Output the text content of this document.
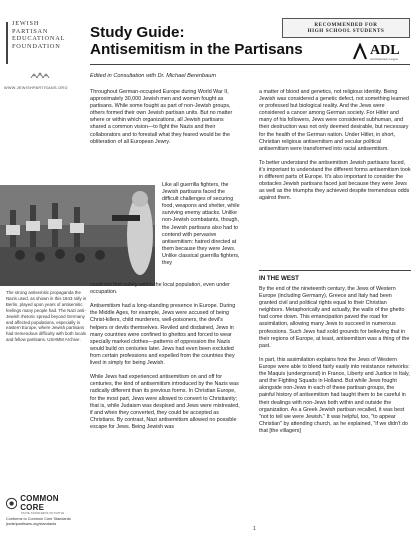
JEWISH
PARTISAN
EDUCATIONAL
FOUNDATION
WWW.JEWISHPARTISANS.ORG
The strong antisemitic propaganda the Nazis used, as shown in this 1943 rally in Berlin, played upon years of antisemitic feelings many people had. The Nazi anti-Jewish rhetoric spread beyond Germany and affected populations, especially in eastern Europe, where Jewish partisans had tremendous difficulty with both locals and fellow partisans. USHMM Archive.
COMMON CORE
STATE STANDARDS INITIATIVE
Conforms to Common Core Standards jewishpartisans.org/standards
Study Guide:
Antisemitism in the Partisans
RECOMMENDED FOR
HIGH SCHOOL STUDENTS
ADL
Anti-Defamation League
Edited in Consultation with Dr. Michael Berenbaum

Throughout German-occupied Europe during World War II, approximately 30,000 Jewish men and women fought as partisans. While some fought as part of non-Jewish groups, others formed their own Jewish partisan units. But no matter where or within which organizations, all Jewish partisans shared a common vision—to fight the Nazis and their collaborators and to forestall what they feared would be the obliteration of all European Jewry.

Like all guerrilla fighters, the Jewish partisans faced the difficult challenges of securing food, weapons and shelter, while surviving enemy attacks. Unlike non-Jewish combatants, though, the Jewish partisans also had to contend with pervasive antisemitism: hatred directed at them because they were Jews. Unlike classical guerrilla fighters, they

could not find safety within the local population, even under occupation.

Antisemitism had a long-standing presence in Europe. During the Middle Ages, for example, Jews were accused of being Christ-killers, child murderers, well-poisoners, the devil's helpers or devils themselves. Reviled and disdained, Jews in many countries were confined to ghettos and forced to wear specially marked clothes—patterns of oppression the Nazis would build on centuries later. Jews had even been excluded from certain professions and expelled from the countries they lived in simply for being Jewish.

While Jews had experienced antisemitism on and off for centuries, the kind of antisemitism introduced by the Nazis was radically different than its previous forms. In Christian Europe, for the most part, Jews were allowed to convert to Christianity; that is, while Judaism was despised and Jews were mistreated, if and when they converted, they could be accepted as Christians. By contrast, Nazi antisemitism allowed no possible escape for Jews. Being Jewish was

a matter of blood and genetics, not religious identity. Being Jewish was considered a genetic defect, not something learned or professed but biological reality. And the Jews were considered a cancer among German society. For Hitler and many of his followers, Jews were considered subhuman, and their destruction was not only deemed desirable, but necessary for the health of the German nation. Under Hitler, in short, Christian religious antisemitism and secular political antisemitism were transformed into racial antisemitism.

To better understand the antisemitism Jewish partisans faced, it's important to understand the different forms antisemitism took in different parts of Europe. It's also important to consider the obstacles Jewish partisans faced just because they were Jews as well as the triumphs they achieved despite tremendous odds against them.

IN THE WEST

By the end of the nineteenth century, the Jews of Western Europe (including Germany), Greece and Italy had been granted civil and political rights equal to their Christian neighbors. Metaphorically and actually, the walls of the ghetto had come down. This emancipation paved the road for assimilation, allowing many Jews to succeed in numerous professions. Such Jews had solid grounds for believing that in their regions of Europe, at least, antisemitism was a thing of the past.

In part, this assimilation explains how the Jews of Western Europe were able to blend fairly easily into resistance networks: the Maquis (underground) in France, Liberty and Justice in Italy, and the Fighting Squads in Holland. But while Jews fought alongside non-Jews in each of these partisan groups, the painful history of antisemitism had taught them to be careful in their dealings with non-Jews both within and outside the organization. As a Greek Jewish partisan recalled, it was best "not to tell we were Jewish." It was helpful, too, "to appear Christian" by attending church, as he explained, "if we didn't do that [the villagers]

1
